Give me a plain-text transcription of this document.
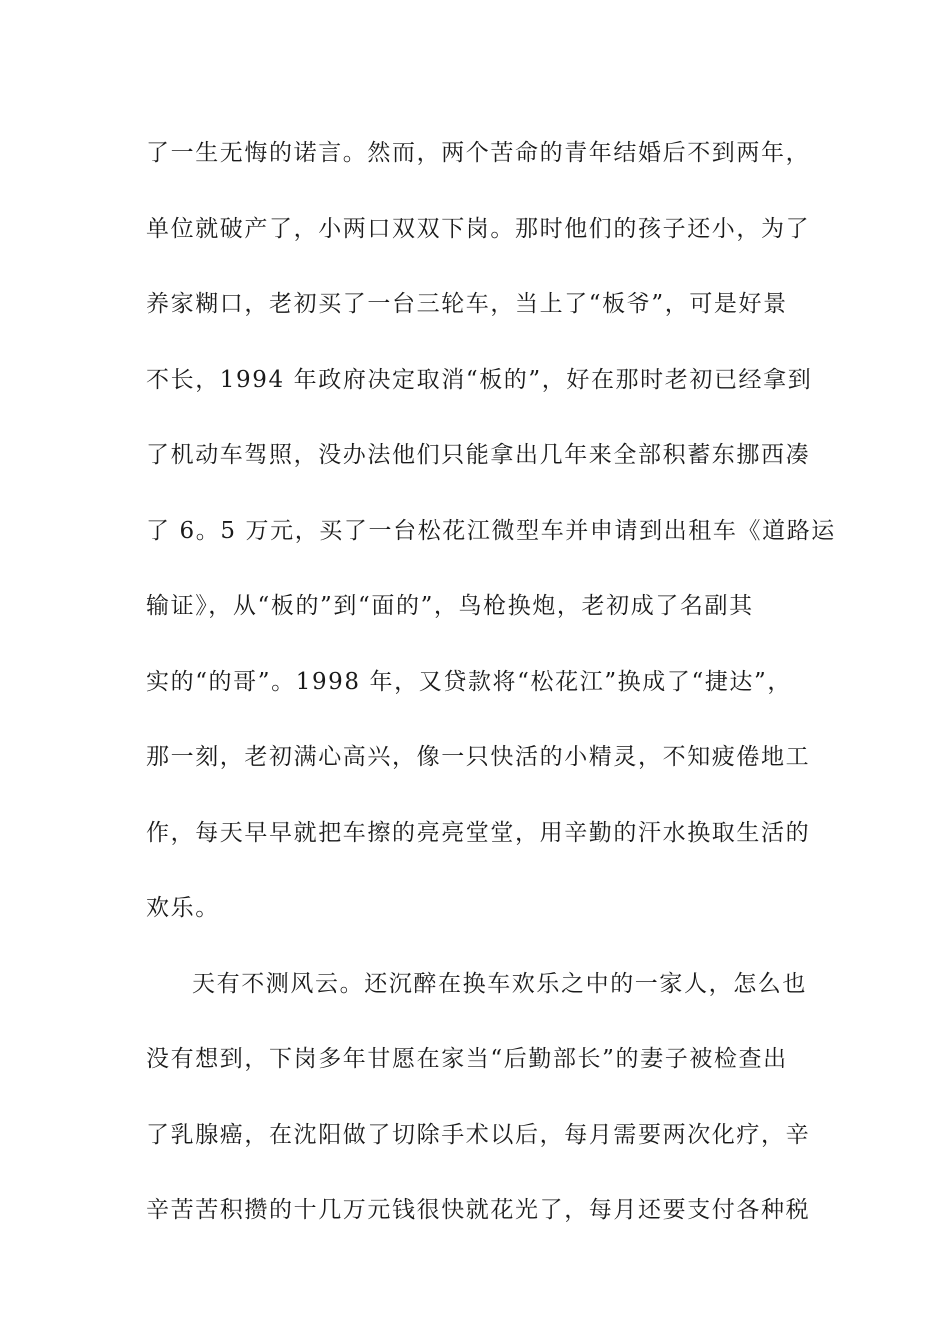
了一生无悔的诺言。然而，两个苦命的青年结婚后不到两年，
单位就破产了，小两口双双下岗。那时他们的孩子还小，为了
养家糊口，老初买了一台三轮车，当上了“板爷”，可是好景
不长，1994 年政府决定取消“板的”，好在那时老初已经拿到
了机动车驾照，没办法他们只能拿出几年来全部积蓄东挪西凑
了 6。5 万元，买了一台松花江微型车并申请到出租车《道路运
输证》，从“板的”到“面的”，鸟枪换炮，老初成了名副其
实的“的哥”。1998 年，又贷款将“松花江”换成了“捷达”，
那一刻，老初满心高兴，像一只快活的小精灵，不知疲倦地工
作，每天早早就把车擦的亮亮堂堂，用辛勤的汗水换取生活的
欢乐。
天有不测风云。还沉醉在换车欢乐之中的一家人，怎么也
没有想到，下岗多年甘愿在家当“后勤部长”的妻子被检查出
了乳腺癌，在沈阳做了切除手术以后，每月需要两次化疗，辛
辛苦苦积攒的十几万元钱很快就花光了，每月还要支付各种税
